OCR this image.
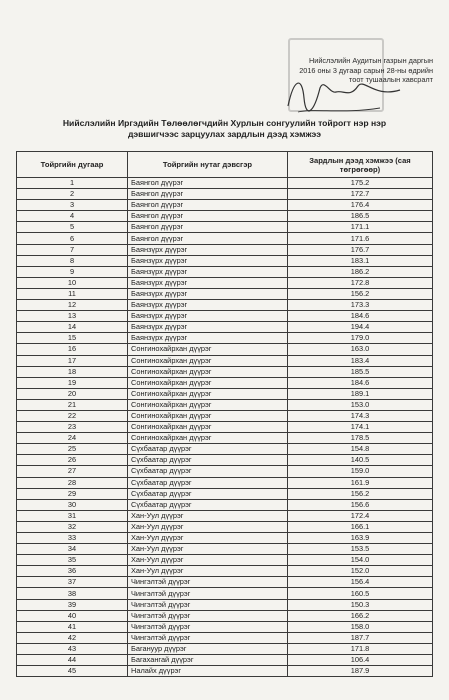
Нийслэлийн Аудитын газрын даргын
2016 оны 3 дугаар сарын 28-ны өдрийн
тоот тушаалын хавсралт
Нийслэлийн Иргэдийн Төлөөлөгчдийн Хурлын сонгуулийн тойрогт нэр нэр
дэвшигчээс зарцуулах зардлын дээд хэмжээ
Тойргийн дугаар	Тойргийн нутаг дэвсгэр	Зардлын дээд хэмжээ (сая төгрөгөөр)
1	Баянгол дүүрэг	175.2
2	Баянгол дүүрэг	172.7
3	Баянгол дүүрэг	176.4
4	Баянгол дүүрэг	186.5
5	Баянгол дүүрэг	171.1
6	Баянгол дүүрэг	171.6
7	Баянзүрх дүүрэг	176.7
8	Баянзүрх дүүрэг	183.1
9	Баянзүрх дүүрэг	186.2
10	Баянзүрх дүүрэг	172.8
11	Баянзүрх дүүрэг	156.2
12	Баянзүрх дүүрэг	173.3
13	Баянзүрх дүүрэг	184.6
14	Баянзүрх дүүрэг	194.4
15	Баянзүрх дүүрэг	179.0
16	Сонгинохайрхан дүүрэг	163.0
17	Сонгинохайрхан дүүрэг	183.4
18	Сонгинохайрхан дүүрэг	185.5
19	Сонгинохайрхан дүүрэг	184.6
20	Сонгинохайрхан дүүрэг	189.1
21	Сонгинохайрхан дүүрэг	153.0
22	Сонгинохайрхан дүүрэг	174.3
23	Сонгинохайрхан дүүрэг	174.1
24	Сонгинохайрхан дүүрэг	178.5
25	Сүхбаатар дүүрэг	154.8
26	Сүхбаатар дүүрэг	140.5
27	Сүхбаатар дүүрэг	159.0
28	Сүхбаатар дүүрэг	161.9
29	Сүхбаатар дүүрэг	156.2
30	Сүхбаатар дүүрэг	156.6
31	Хан-Уул дүүрэг	172.4
32	Хан-Уул дүүрэг	166.1
33	Хан-Уул дүүрэг	163.9
34	Хан-Уул дүүрэг	153.5
35	Хан-Уул дүүрэг	154.0
36	Хан-Уул дүүрэг	152.0
37	Чингэлтэй дүүрэг	156.4
38	Чингэлтэй дүүрэг	160.5
39	Чингэлтэй дүүрэг	150.3
40	Чингэлтэй дүүрэг	166.2
41	Чингэлтэй дүүрэг	158.0
42	Чингэлтэй дүүрэг	187.7
43	Багануур дүүрэг	171.8
44	Багахангай дүүрэг	106.4
45	Налайх дүүрэг	187.9
